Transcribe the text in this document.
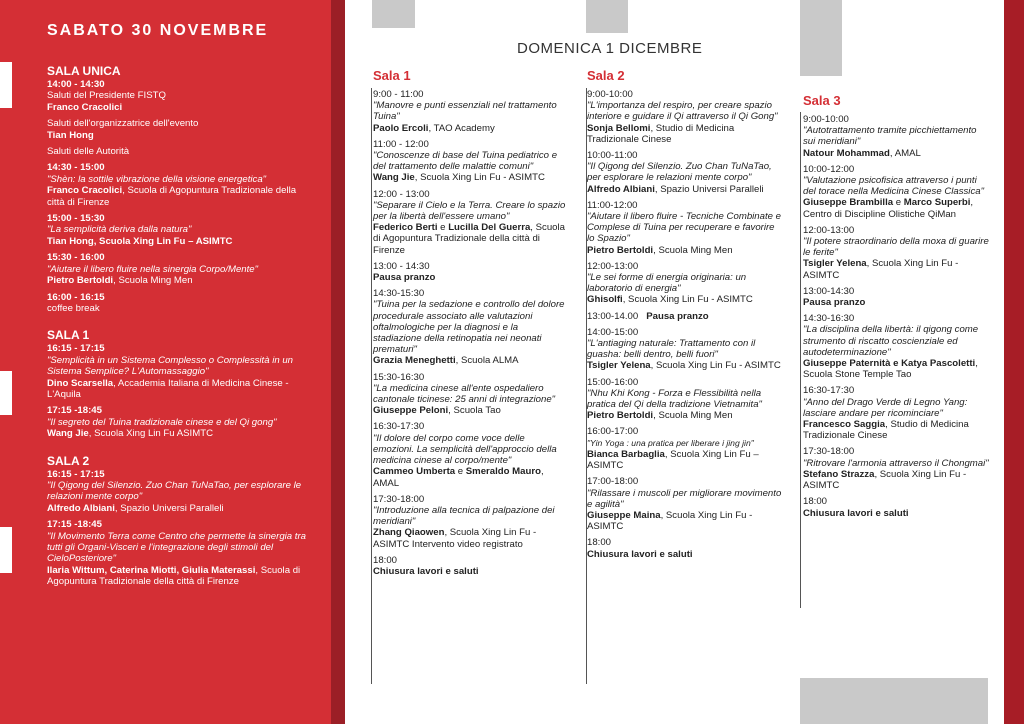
SABATO 30 NOVEMBRE
SALA UNICA
14:00 - 14:30
Saluti del Presidente FISTQ
Franco Cracolici
Saluti dell'organizzatrice dell'evento
Tian Hong
Saluti delle Autorità
14:30 - 15:00
"Shèn: la sottile vibrazione della visione energetica"
Franco Cracolici, Scuola di Agopuntura Tradizionale della città di Firenze
15:00 - 15:30
"La semplicità deriva dalla natura"
Tian Hong, Scuola Xing Lin Fu – ASIMTC
15:30 - 16:00
"Aiutare il libero fluire nella sinergia Corpo/Mente"
Pietro Bertoldi, Scuola Ming Men
16:00 - 16:15
coffee break
SALA 1
16:15 - 17:15
"Semplicità in un Sistema Complesso o Complessità in un Sistema Semplice? L'Automassaggio"
Dino Scarsella, Accademia Italiana di Medicina Cinese - L'Aquila
17:15 -18:45
"Il segreto del Tuina tradizionale cinese e del Qi gong"
Wang Jie, Scuola Xing Lin Fu ASIMTC
SALA 2
16:15 - 17:15
"Il Qigong del Silenzio. Zuo Chan TuNaTao, per esplorare le relazioni mente corpo"
Alfredo Albiani, Spazio Universi Paralleli
17:15 -18:45
"Il Movimento Terra come Centro che permette la sinergia tra tutti gli Organi-Visceri e l'integrazione degli stimoli del CieloPosteriore"
Ilaria Wittum, Caterina Miotti, Giulia Materassi, Scuola di Agopuntura Tradizionale della città di Firenze
DOMENICA 1 DICEMBRE
Sala 1
9:00 - 11:00
"Manovre e punti essenziali nel trattamento Tuina"
Paolo Ercoli, TAO Academy
11:00 - 12:00
"Conoscenze di base del Tuina pediatrico e del trattamento delle malattie comuni"
Wang Jie, Scuola Xing Lin Fu - ASIMTC
12:00 - 13:00
"Separare il Cielo e la Terra. Creare lo spazio per la libertà dell'essere umano"
Federico Berti e Lucilla Del Guerra, Scuola di Agopuntura Tradizionale della città di Firenze
13:00 - 14:30
Pausa pranzo
14:30-15:30
"Tuina per la sedazione e controllo del dolore procedurale associato alle valutazioni oftalmologiche per la diagnosi e la stadiazione della retinopatia nei neonati prematuri"
Grazia Meneghetti, Scuola ALMA
15:30-16:30
"La medicina cinese all'ente ospedaliero cantonale ticinese: 25 anni di integrazione"
Giuseppe Peloni, Scuola Tao
16:30-17:30
"Il dolore del corpo come voce delle emozioni. La semplicità dell'approccio della medicina cinese al corpo/mente"
Cammeo Umberta e Smeraldo Mauro, AMAL
17:30-18:00
"Introduzione alla tecnica di palpazione dei meridiani"
Zhang Qiaowen, Scuola Xing Lin Fu - ASIMTC Intervento video registrato
18:00
Chiusura lavori e saluti
Sala 2
9:00-10:00
"L'importanza del respiro, per creare spazio interiore e guidare il Qi attraverso il Qi Gong"
Sonja Bellomi, Studio di Medicina Tradizionale Cinese
10:00-11:00
"Il Qigong del Silenzio. Zuo Chan TuNaTao, per esplorare le relazioni mente corpo"
Alfredo Albiani, Spazio Universi Paralleli
11:00-12:00
"Aiutare il libero fluire - Tecniche Combinate e Complese di Tuina per recuperare e favorire lo Spazio"
Pietro Bertoldi, Scuola Ming Men
12:00-13:00
"Le sei forme di energia originaria: un laboratorio di energia"
Ghisolfi, Scuola Xing Lin Fu - ASIMTC
13:00-14.00 Pausa pranzo
14:00-15:00
"L'antiaging naturale: Trattamento con il guasha: belli dentro, belli fuori"
Tsigler Yelena, Scuola Xing Lin Fu - ASIMTC
15:00-16:00
"Nhu Khi Kong - Forza e Flessibilità nella pratica del Qi della tradizione Vietnamita"
Pietro Bertoldi, Scuola Ming Men
16:00-17:00
"Yin Yoga : una pratica per liberare i jing jin"
Bianca Barbaglia, Scuola Xing Lin Fu – ASIMTC
17:00-18:00
"Rilassare i muscoli per migliorare movimento e agilità"
Giuseppe Maina, Scuola Xing Lin Fu - ASIMTC
18:00
Chiusura lavori e saluti
Sala 3
9:00-10:00
"Autotrattamento tramite picchiettamento sui meridiani"
Natour Mohammad, AMAL
10:00-12:00
"Valutazione psicofisica attraverso i punti del torace nella Medicina Cinese Classica"
Giuseppe Brambilla e Marco Superbi, Centro di Discipline Olistiche QiMan
12:00-13:00
"Il potere straordinario della moxa di guarire le ferite"
Tsigler Yelena, Scuola Xing Lin Fu - ASIMTC
13:00-14:30
Pausa pranzo
14:30-16:30
"La disciplina della libertà: il qigong come strumento di riscatto coscienziale ed autodeterminazione"
Giuseppe Paternità e Katya Pascoletti, Scuola Stone Temple Tao
16:30-17:30
"Anno del Drago Verde di Legno Yang: lasciare andare per ricominciare"
Francesco Saggia, Studio di Medicina Tradizionale Cinese
17:30-18:00
"Ritrovare l'armonia attraverso il Chongmai"
Stefano Strazza, Scuola Xing Lin Fu - ASIMTC
18:00
Chiusura lavori e saluti
